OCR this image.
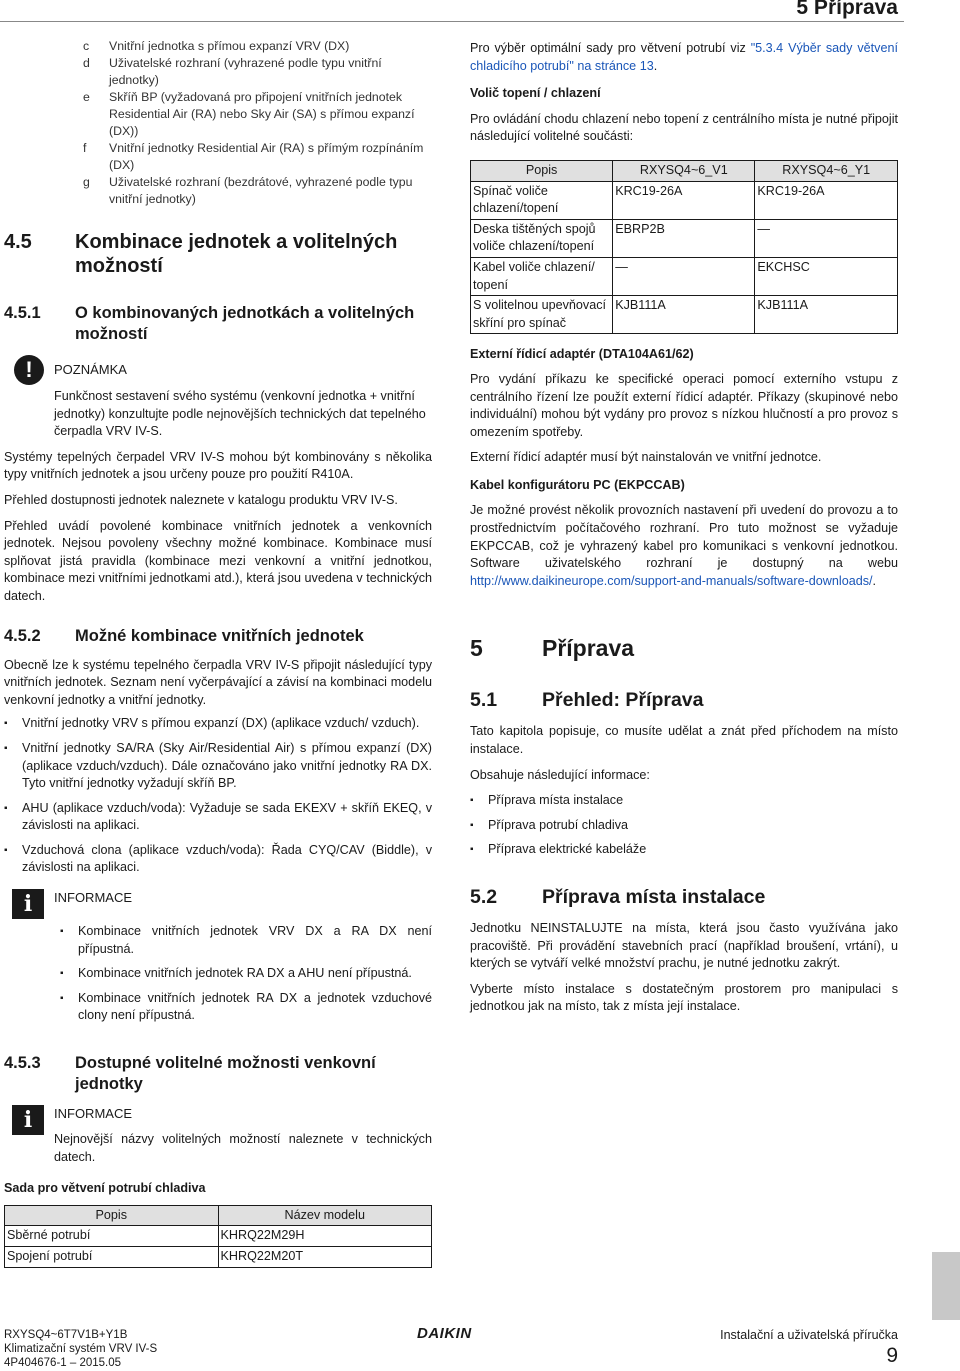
5 Příprava
c	Vnitřní jednotka s přímou expanzí VRV (DX)
d	Uživatelské rozhraní (vyhrazené podle typu vnitřní jednotky)
e	Skříň BP (vyžadovaná pro připojení vnitřních jednotek Residential Air (RA) nebo Sky Air (SA) s přímou expanzí (DX))
f	Vnitřní jednotky Residential Air (RA) s přímým rozpínáním (DX)
g	Uživatelské rozhraní (bezdrátové, vyhrazené podle typu vnitřní jednotky)
4.5	Kombinace jednotek a volitelných možností
4.5.1	O kombinovaných jednotkách a volitelných možností
!	POZNÁMKA

Funkčnost sestavení svého systému (venkovní jednotka + vnitřní jednotky) konzultujte podle nejnovějších technických dat tepelného čerpadla VRV IV-S.

Systémy tepelných čerpadel VRV IV-S mohou být kombinovány s několika typy vnitřních jednotek a jsou určeny pouze pro použití R410A.

Přehled dostupnosti jednotek naleznete v katalogu produktu VRV IV-S.

Přehled uvádí povolené kombinace vnitřních jednotek a venkovních jednotek. Nejsou povoleny všechny možné kombinace. Kombinace musí splňovat jistá pravidla (kombinace mezi venkovní a vnitřní jednotkou, kombinace mezi vnitřními jednotkami atd.), která jsou uvedena v technických datech.

4.5.2	Možné kombinace vnitřních jednotek

Obecně lze k systému tepelného čerpadla VRV IV-S připojit následující typy vnitřních jednotek. Seznam není vyčerpávající a závisí na kombinaci modelu venkovní jednotky a vnitřní jednotky.

▪ Vnitřní jednotky VRV s přímou expanzí (DX) (aplikace vzduch/ vzduch).
▪ Vnitřní jednotky SA/RA (Sky Air/Residential Air) s přímou expanzí (DX) (aplikace vzduch/vzduch). Dále označováno jako vnitřní jednotky RA DX. Tyto vnitřní jednotky vyžadují skříň BP.
▪ AHU (aplikace vzduch/voda): Vyžaduje se sada EKEXV + skříň EKEQ, v závislosti na aplikaci.
▪ Vzduchová clona (aplikace vzduch/voda): Řada CYQ/CAV (Biddle), v závislosti na aplikaci.
i	INFORMACE
▪ Kombinace vnitřních jednotek VRV DX a RA DX není přípustná.
▪ Kombinace vnitřních jednotek RA DX a AHU není přípustná.
▪ Kombinace vnitřních jednotek RA DX a jednotek vzduchové clony není přípustná.
4.5.3	Dostupné volitelné možnosti venkovní jednotky
i	INFORMACE

Nejnovější názvy volitelných možností naleznete v technických datech.

Sada pro větvení potrubí chladiva

Popis	Název modelu
Sběrné potrubí	KHRQ22M29H
Spojení potrubí	KHRQ22M20T

Pro výběr optimální sady pro větvení potrubí viz "5.3.4 Výběr sady větvení chladicího potrubí" na stránce 13.

Volič topení / chlazení

Pro ovládání chodu chlazení nebo topení z centrálního místa je nutné připojit následující volitelné součásti:

Popis	RXYSQ4~6_V1	RXYSQ4~6_Y1
Spínač voliče chlazení/topení	KRC19-26A	KRC19-26A
Deska tištěných spojů voliče chlazení/topení	EBRP2B	—
Kabel voliče chlazení/ topení	—	EKCHSC
S volitelnou upevňovací skříní pro spínač	KJB111A	KJB111A

Externí řídicí adaptér (DTA104A61/62)

Pro vydání příkazu ke specifické operaci pomocí externího vstupu z centrálního řízení lze použít externí řídicí adaptér. Příkazy (skupinové nebo individuální) mohou být vydány pro provoz s nízkou hlučností a pro provoz s omezením spotřeby.

Externí řídicí adaptér musí být nainstalován ve vnitřní jednotce.

Kabel konfigurátoru PC (EKPCCAB)

Je možné provést několik provozních nastavení při uvedení do provozu a to prostřednictvím počítačového rozhraní. Pro tuto možnost se vyžaduje EKPCCAB, což je vyhrazený kabel pro komunikaci s venkovní jednotkou. Software uživatelského rozhraní je dostupný na webu http://www.daikineurope.com/support-and-manuals/software-downloads/.

5	Příprava
5.1	Přehled: Příprava

Tato kapitola popisuje, co musíte udělat a znát před příchodem na místo instalace.

Obsahuje následující informace:

▪ Příprava místa instalace
▪ Příprava potrubí chladiva
▪ Příprava elektrické kabeláže
5.2	Příprava místa instalace

Jednotku NEINSTALUJTE na místa, která jsou často využívána jako pracoviště. Při provádění stavebních prací (například broušení, vrtání), u kterých se vytváří velké množství prachu, je nutné jednotku zakrýt.

Vyberte místo instalace s dostatečným prostorem pro manipulaci s jednotkou jak na místo, tak z místa její instalace.

RXYSQ4~6T7V1B+Y1B
Klimatizační systém VRV IV-S
4P404676-1 – 2015.05
DAIKIN	Instalační a uživatelská příručka
9
